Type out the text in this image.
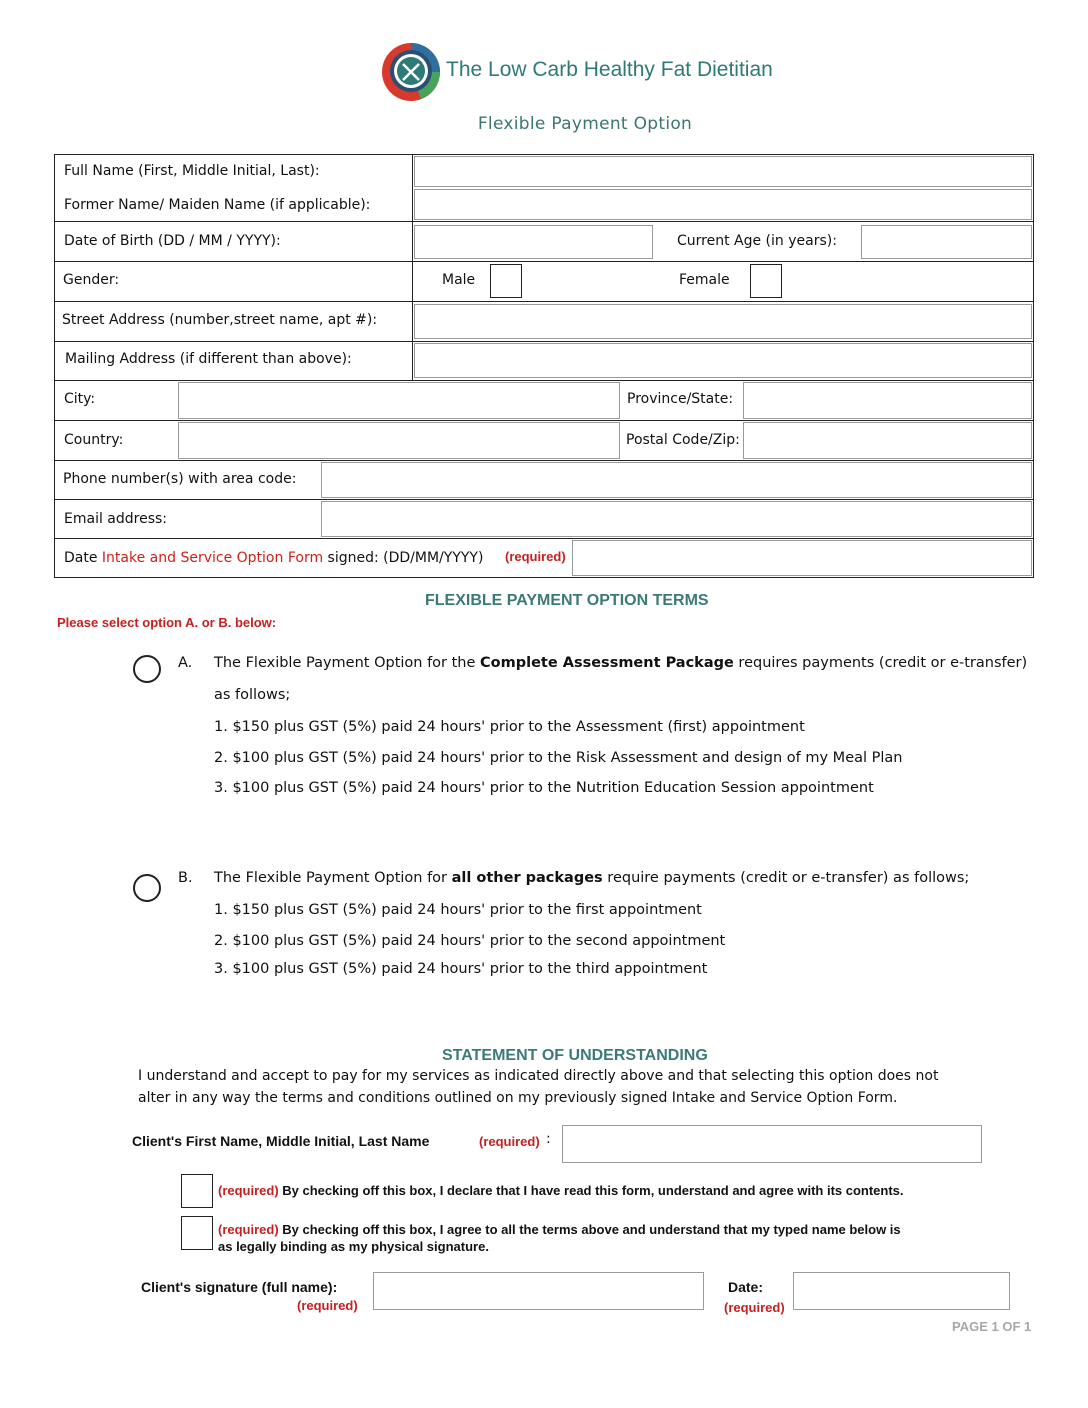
The Low Carb Healthy Fat Dietitian
Flexible Payment Option
Full Name (First, Middle Initial, Last):
Former Name/ Maiden Name (if applicable):
Date of Birth (DD / MM / YYYY):	Current Age (in years):
Gender:	Male	Female
Street Address (number,street name, apt #):
Mailing Address (if different than above):
City:	Province/State:
Country:	Postal Code/Zip:
Phone number(s) with area code:
Email address:
Date Intake and Service Option Form signed: (DD/MM/YYYY) (required)
FLEXIBLE PAYMENT OPTION TERMS
Please select option A. or B. below:
A. The Flexible Payment Option for the Complete Assessment Package requires payments (credit or e-transfer)
as follows;
1. $150 plus GST (5%) paid 24 hours' prior to the Assessment (first) appointment
2. $100 plus GST (5%) paid 24 hours' prior to the Risk Assessment and design of my Meal Plan
3. $100 plus GST (5%) paid 24 hours' prior to the Nutrition Education Session appointment
B. The Flexible Payment Option for all other packages require payments (credit or e-transfer) as follows;
1. $150 plus GST (5%) paid 24 hours' prior to the first appointment
2. $100 plus GST (5%) paid 24 hours' prior to the second appointment
3. $100 plus GST (5%) paid 24 hours' prior to the third appointment
STATEMENT OF UNDERSTANDING
I understand and accept to pay for my services as indicated directly above and that selecting this option does not
alter in any way the terms and conditions outlined on my previously signed Intake and Service Option Form.
Client's First Name, Middle Initial, Last Name	(required) :
(required) By checking off this box, I declare that I have read this form, understand and agree with its contents.
(required) By checking off this box, I agree to all the terms above and understand that my typed name below is
as legally binding as my physical signature.
Client's signature (full name):
(required)
Date:
(required)
PAGE 1 OF 1
